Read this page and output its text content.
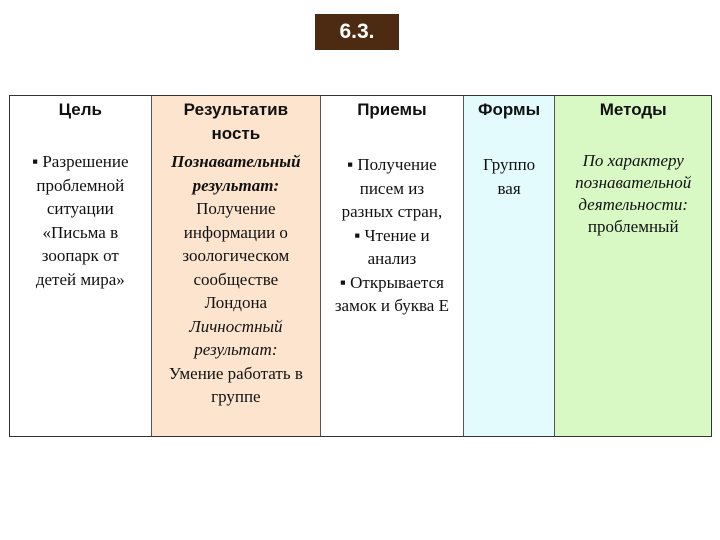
6.3.
Цель
▪ Разрешение
проблемной
ситуации
«Письма в
зоопарк от
детей мира»
Результатив
ность
Познавательный
результат:
Получение
информации о
зоологическом
сообществе
Лондона
Личностный
результат:
Умение работать в
группе
Приемы
▪ Получение
писем из
разных стран,
▪ Чтение и
анализ
▪ Открывается
замок и буква Е
Формы
Группо
вая
Методы
По характеру
познавательной
деятельности:
проблемный
